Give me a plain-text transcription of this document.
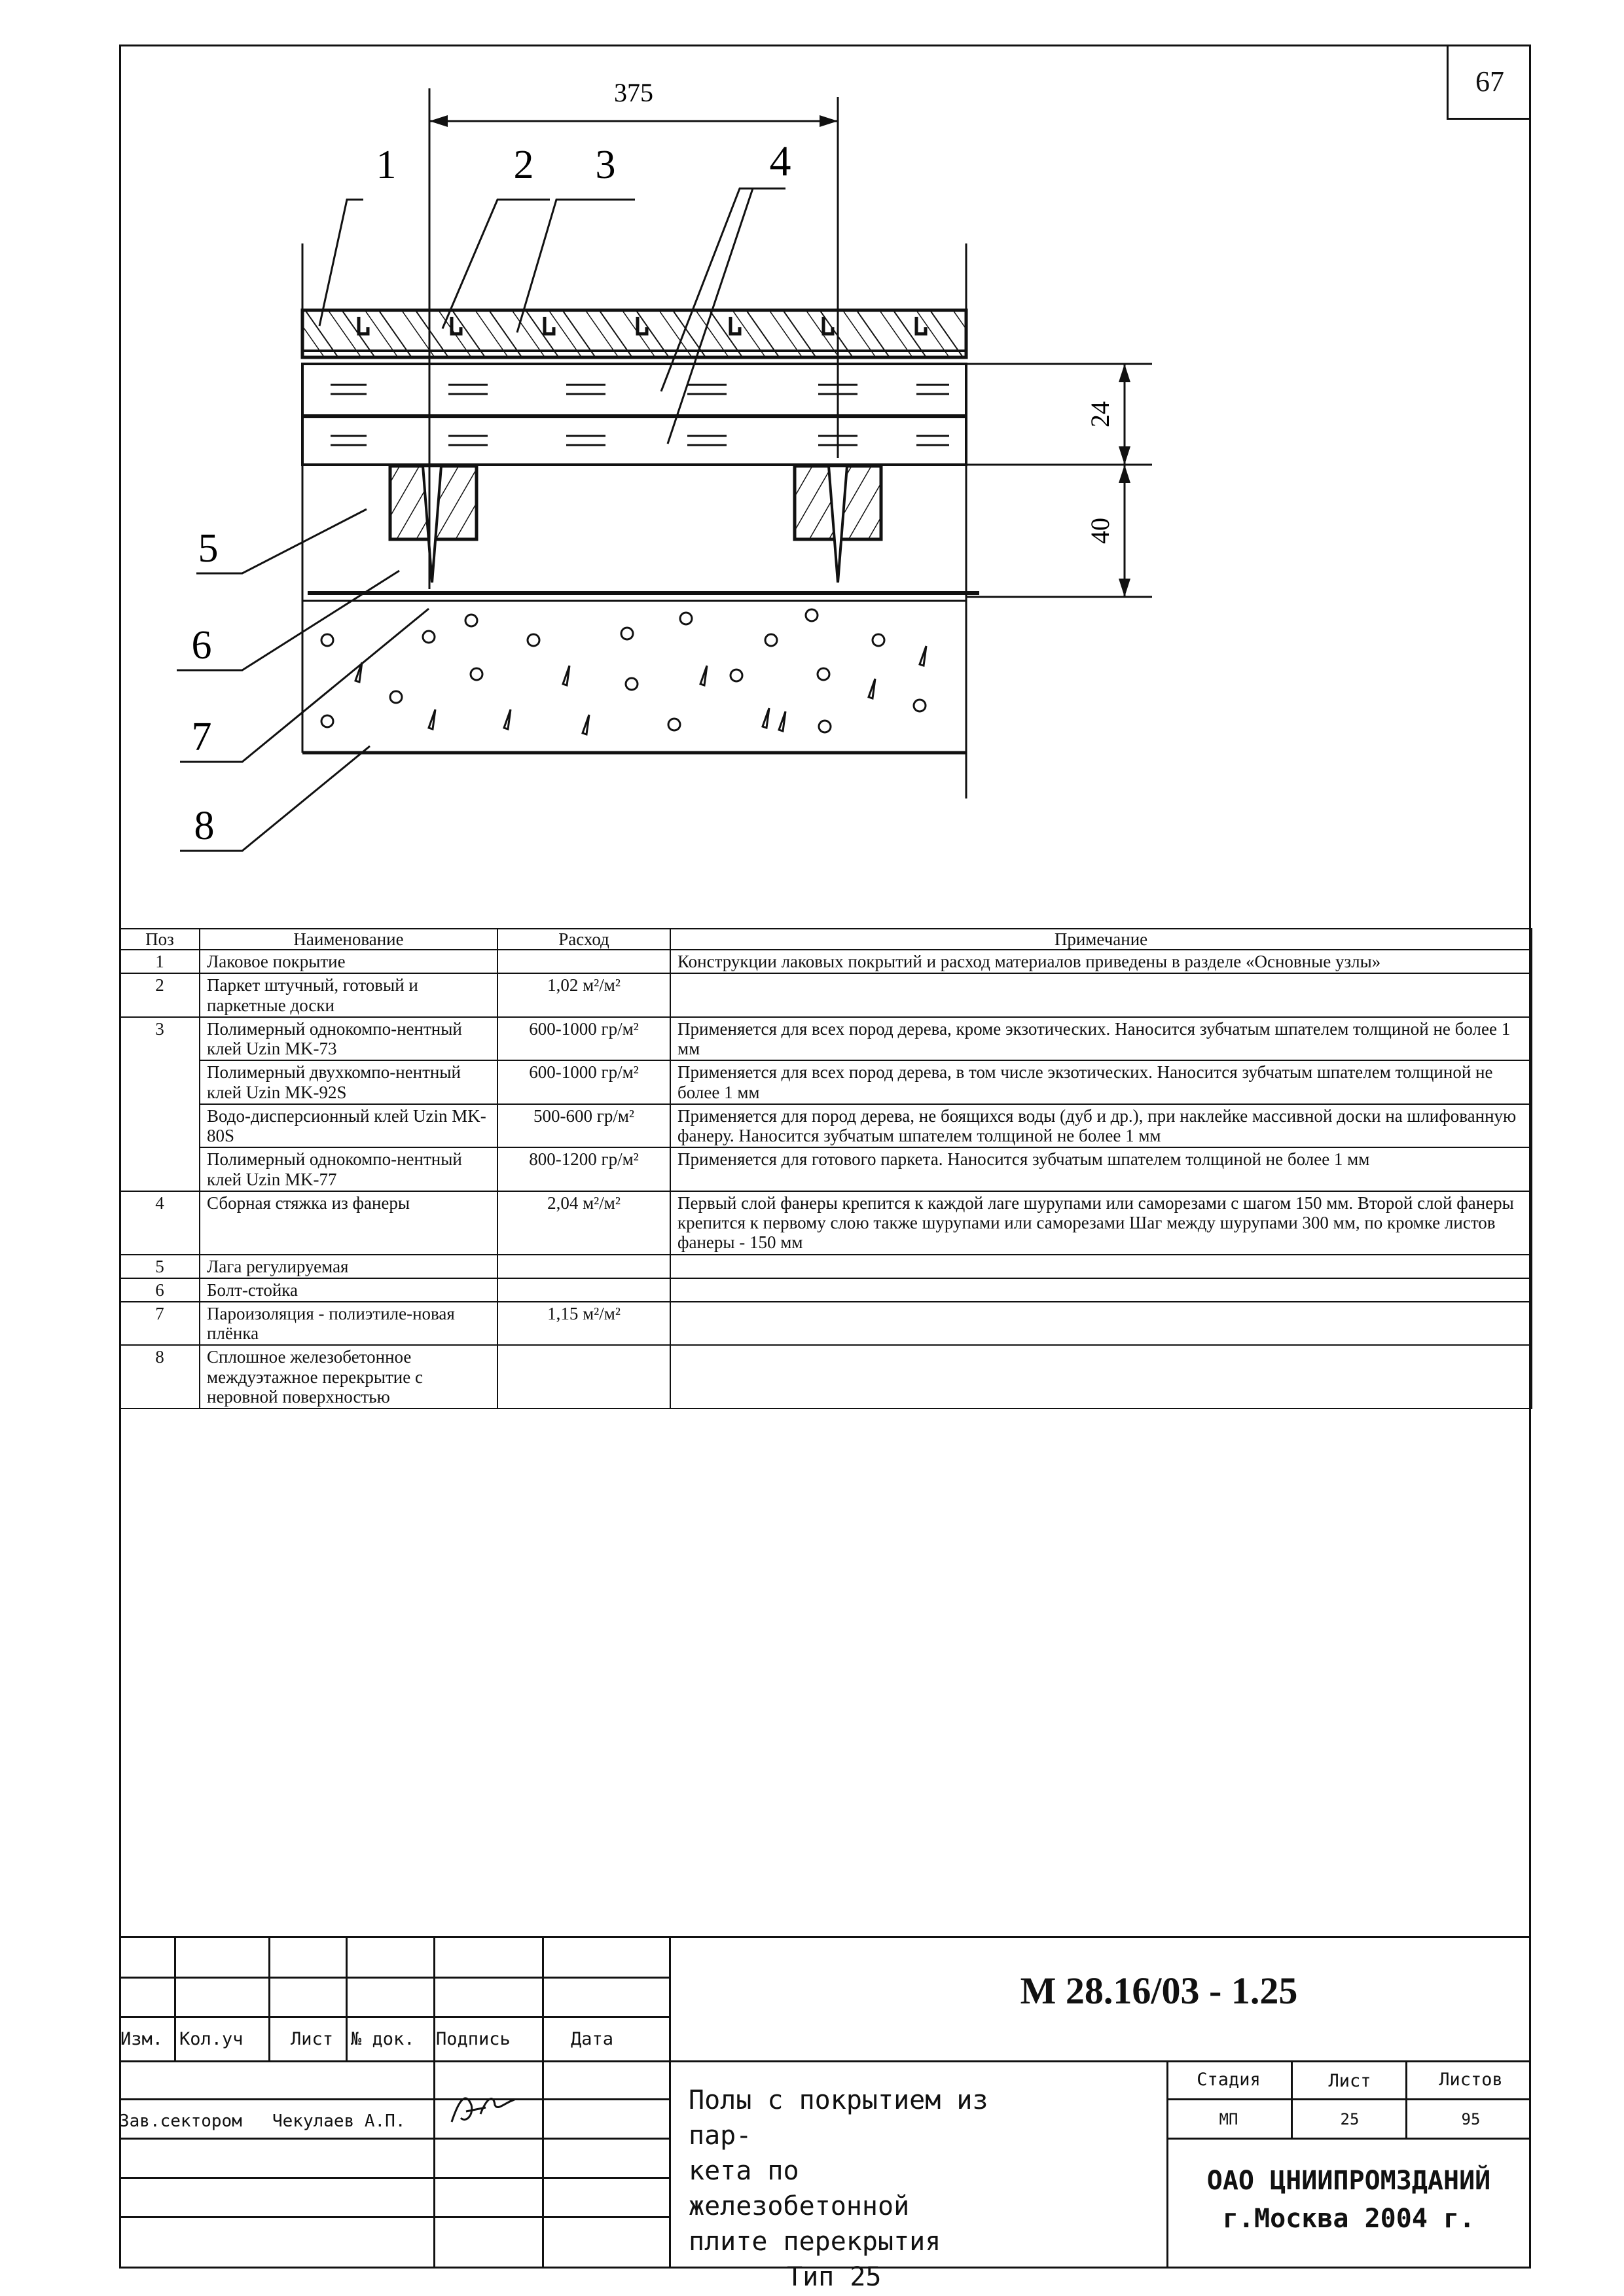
67
375
24
40
1	2 3	4
5
6
7
8
Поз	Наименование	Расход	Примечание
1	Лаковое покрытие		Конструкции лаковых покрытий и расход материалов приведены в разделе «Основные узлы»
2	Паркет штучный, готовый и паркетные доски	1,02 м²/м²	
3	Полимерный однокомпо-нентный клей Uzin MK-73	600-1000 гр/м²	Применяется для всех пород дерева, кроме экзотических. Наносится зубчатым шпателем толщиной не более 1 мм
	Полимерный двухкомпо-нентный клей Uzin MK-92S	600-1000 гр/м²	Применяется для всех пород дерева, в том числе экзотических. Наносится зубчатым шпателем толщиной не более 1 мм
	Водо-дисперсионный клей Uzin MK-80S	500-600 гр/м²	Применяется для пород дерева, не боящихся воды (дуб и др.), при наклейке массивной доски на шлифованную фанеру. Наносится зубчатым шпателем толщиной не более 1 мм
	Полимерный однокомпо-нентный клей Uzin MK-77	800-1200 гр/м²	Применяется для готового паркета. Наносится зубчатым шпателем толщиной не более 1 мм
4	Сборная стяжка из фанеры	2,04 м²/м²	Первый слой фанеры крепится к каждой лаге шурупами или саморезами с шагом 150 мм. Второй слой фанеры крепится к первому слою также шурупами или саморезами Шаг между шурупами 300 мм, по кромке листов фанеры - 150 мм
5	Лага регулируемая		
6	Болт-стойка		
7	Пароизоляция - полиэтиле-новая плёнка	1,15 м²/м²	
8	Сплошное железобетонное междуэтажное перекрытие с неровной поверхностью		
Изм. Кол.уч	Лист № док. Подпись	Дата
Зав.сектором Чекулаев А.П.
М 28.16/03 - 1.25
Полы с покрытием из пар-
кета по железобетонной
плите перекрытия
Тип 25
Стадия	Лист	Листов
МП	25	95
ОАО ЦНИИПРОМЗДАНИЙ
г.Москва 2004 г.
